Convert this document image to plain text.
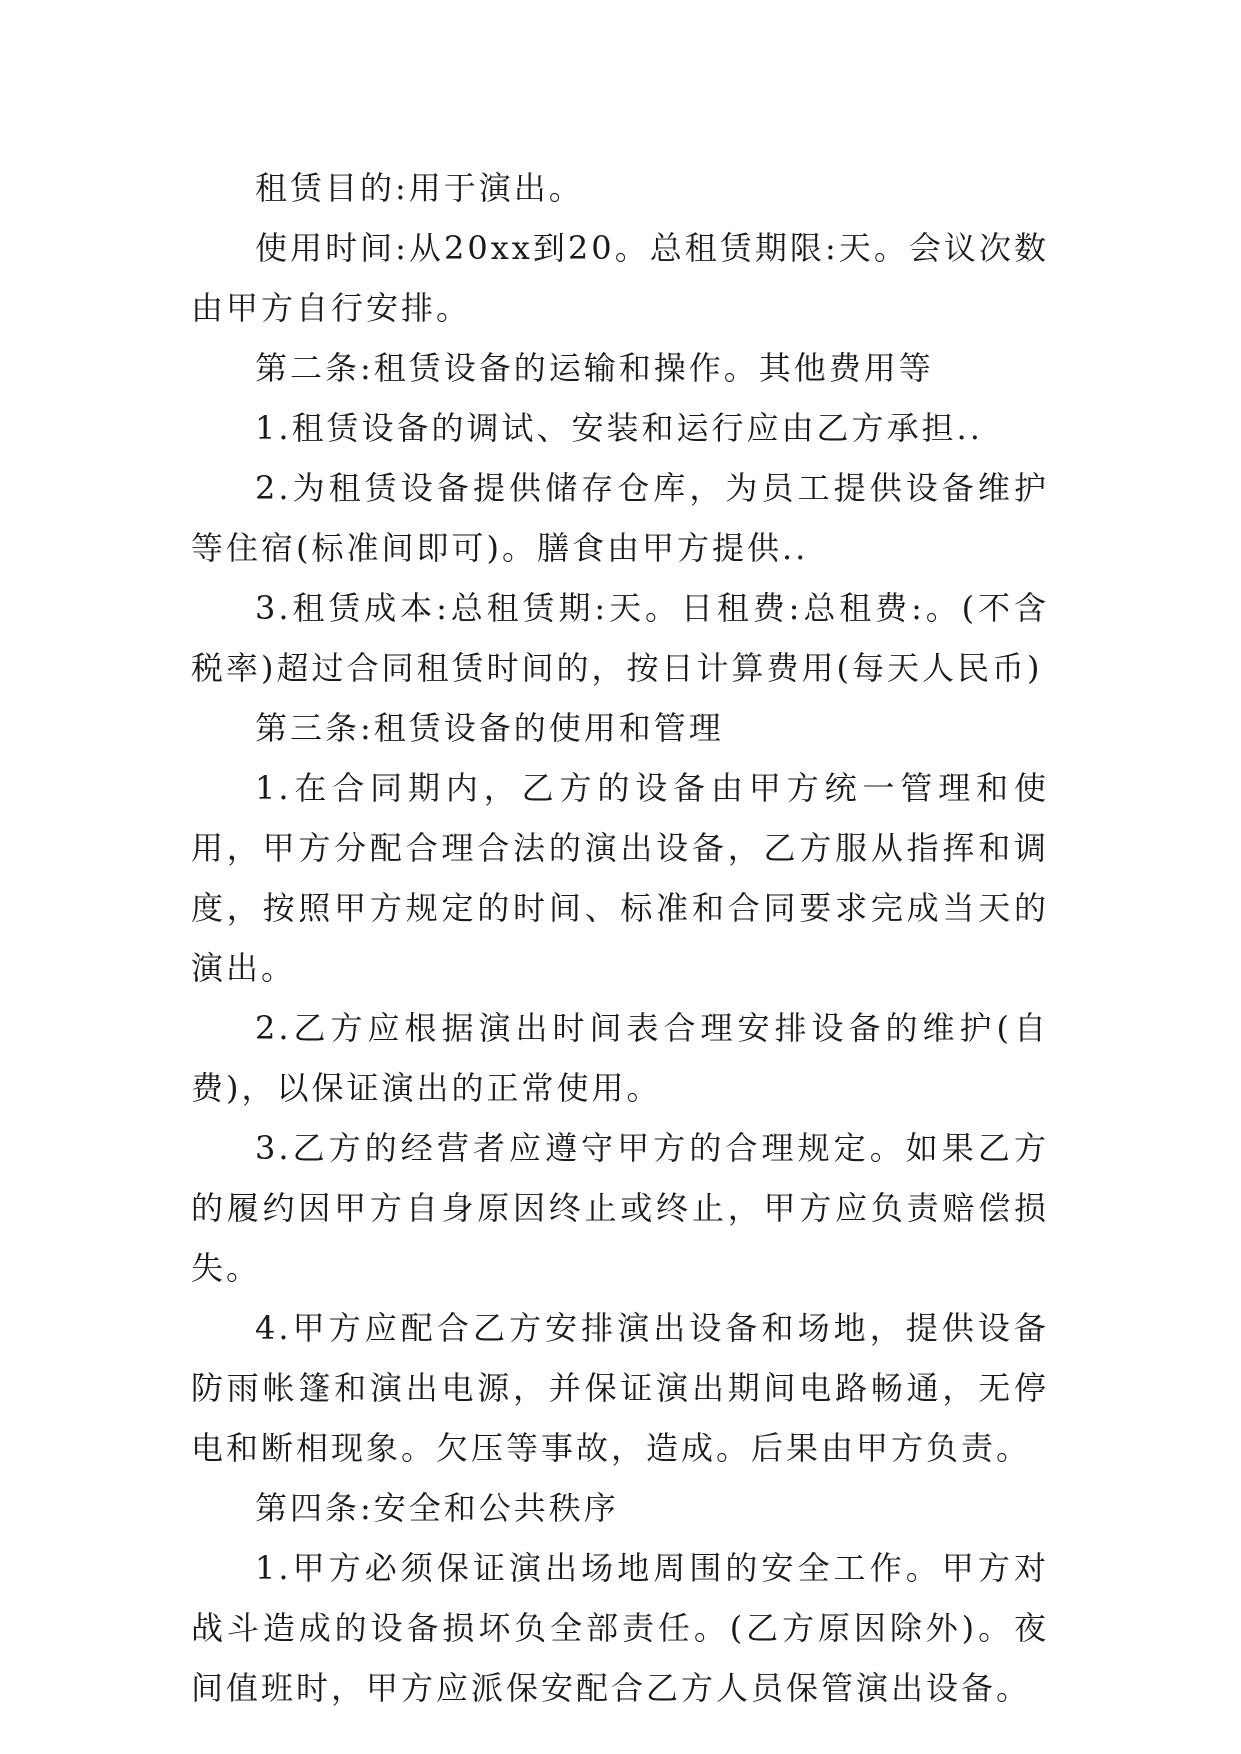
租赁目的:用于演出。

使用时间:从20xx到20。总租赁期限:天。会议次数由甲方自行安排。

第二条:租赁设备的运输和操作。其他费用等

1.租赁设备的调试、安装和运行应由乙方承担..

2.为租赁设备提供储存仓库，为员工提供设备维护等住宿(标准间即可)。膳食由甲方提供..

3.租赁成本:总租赁期:天。日租费:总租费:。(不含税率)超过合同租赁时间的，按日计算费用(每天人民币)

第三条:租赁设备的使用和管理

1.在合同期内，乙方的设备由甲方统一管理和使用，甲方分配合理合法的演出设备，乙方服从指挥和调度，按照甲方规定的时间、标准和合同要求完成当天的演出。

2.乙方应根据演出时间表合理安排设备的维护(自费)，以保证演出的正常使用。

3.乙方的经营者应遵守甲方的合理规定。如果乙方的履约因甲方自身原因终止或终止，甲方应负责赔偿损失。

4.甲方应配合乙方安排演出设备和场地，提供设备防雨帐篷和演出电源，并保证演出期间电路畅通，无停电和断相现象。欠压等事故，造成。后果由甲方负责。

第四条:安全和公共秩序

1.甲方必须保证演出场地周围的安全工作。甲方对战斗造成的设备损坏负全部责任。(乙方原因除外)。夜间值班时，甲方应派保安配合乙方人员保管演出设备。
